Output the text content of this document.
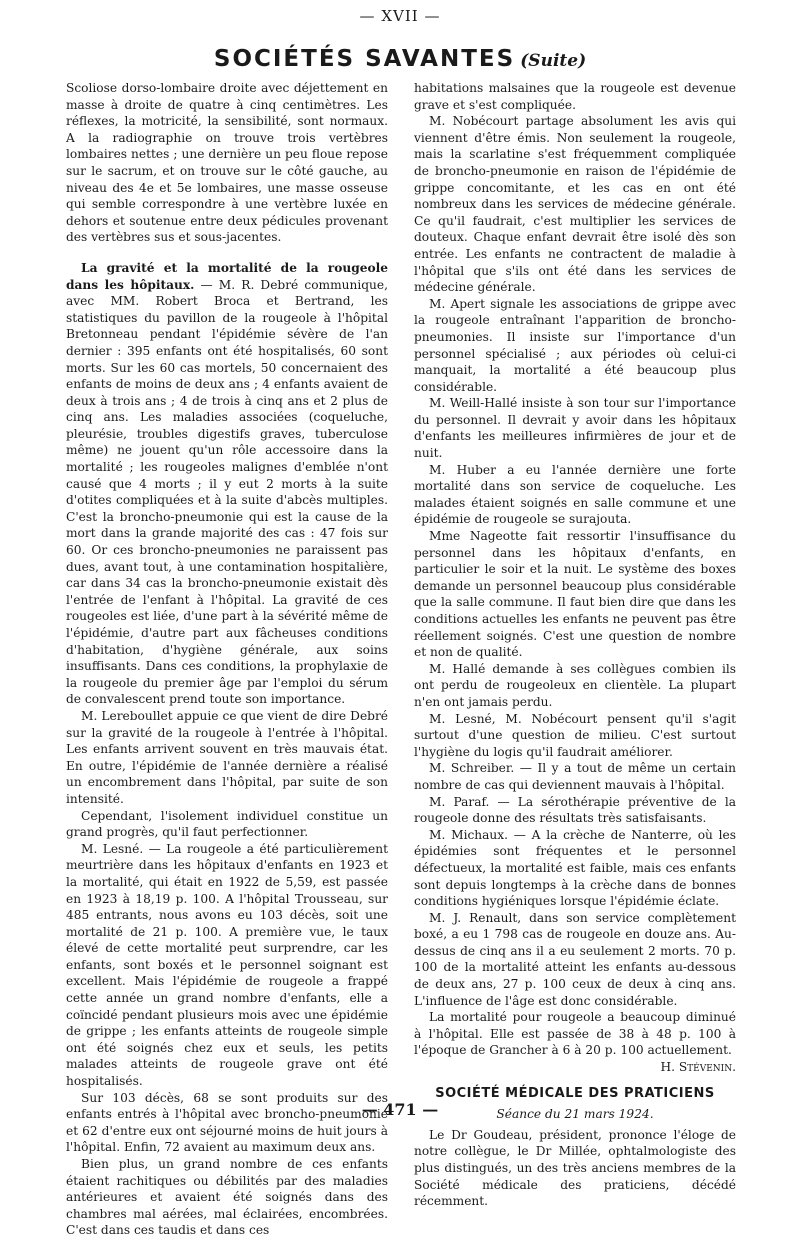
— XVII —
SOCIÉTÉS SAVANTES (Suite)

Scoliose dorso-lombaire droite avec déjettement en masse à droite de quatre à cinq centimètres. Les réflexes, la motricité, la sensibilité, sont normaux. A la radiographie on trouve trois vertèbres lombaires nettes ; une dernière un peu floue repose sur le sacrum, et on trouve sur le côté gauche, au niveau des 4e et 5e lombaires, une masse osseuse qui semble correspondre à une vertèbre luxée en dehors et soutenue entre deux pédicules provenant des vertèbres sus et sous-jacentes.

La gravité et la mortalité de la rougeole dans les hôpitaux. — M. R. Debré communique, avec MM. Robert Broca et Bertrand, les statistiques du pavillon de la rougeole à l'hôpital Bretonneau pendant l'épidémie sévère de l'an dernier : 395 enfants ont été hospitalisés, 60 sont morts. Sur les 60 cas mortels, 50 concernaient des enfants de moins de deux ans ; 4 enfants avaient de deux à trois ans ; 4 de trois à cinq ans et 2 plus de cinq ans. Les maladies associées (coqueluche, pleurésie, troubles digestifs graves, tuberculose même) ne jouent qu'un rôle accessoire dans la mortalité ; les rougeoles malignes d'emblée n'ont causé que 4 morts ; il y eut 2 morts à la suite d'otites compliquées et à la suite d'abcès multiples. C'est la broncho-pneumonie qui est la cause de la mort dans la grande majorité des cas : 47 fois sur 60. Or ces broncho-pneumonies ne paraissent pas dues, avant tout, à une contamination hospitalière, car dans 34 cas la broncho-pneumonie existait dès l'entrée de l'enfant à l'hôpital. La gravité de ces rougeoles est liée, d'une part à la sévérité même de l'épidémie, d'autre part aux fâcheuses conditions d'habitation, d'hygiène générale, aux soins insuffisants. Dans ces conditions, la prophylaxie de la rougeole du premier âge par l'emploi du sérum de convalescent prend toute son importance.

M. Lereboullet appuie ce que vient de dire Debré sur la gravité de la rougeole à l'entrée à l'hôpital. Les enfants arrivent souvent en très mauvais état. En outre, l'épidémie de l'année dernière a réalisé un encombrement dans l'hôpital, par suite de son intensité.

Cependant, l'isolement individuel constitue un grand progrès, qu'il faut perfectionner.

M. Lesné. — La rougeole a été particulièrement meurtrière dans les hôpitaux d'enfants en 1923 et la mortalité, qui était en 1922 de 5,59, est passée en 1923 à 18,19 p. 100. A l'hôpital Trousseau, sur 485 entrants, nous avons eu 103 décès, soit une mortalité de 21 p. 100. A première vue, le taux élevé de cette mortalité peut surprendre, car les enfants, sont boxés et le personnel soignant est excellent. Mais l'épidémie de rougeole a frappé cette année un grand nombre d'enfants, elle a coïncidé pendant plusieurs mois avec une épidémie de grippe ; les enfants atteints de rougeole simple ont été soignés chez eux et seuls, les petits malades atteints de rougeole grave ont été hospitalisés.

Sur 103 décès, 68 se sont produits sur des enfants entrés à l'hôpital avec broncho-pneumonie et 62 d'entre eux ont séjourné moins de huit jours à l'hôpital. Enfin, 72 avaient au maximum deux ans.

Bien plus, un grand nombre de ces enfants étaient rachitiques ou débilités par des maladies antérieures et avaient été soignés dans des chambres mal aérées, mal éclairées, encombrées. C'est dans ces taudis et dans ces

habitations malsaines que la rougeole est devenue grave et s'est compliquée.

M. Nobécourt partage absolument les avis qui viennent d'être émis. Non seulement la rougeole, mais la scarlatine s'est fréquemment compliquée de broncho-pneumonie en raison de l'épidémie de grippe concomitante, et les cas en ont été nombreux dans les services de médecine générale. Ce qu'il faudrait, c'est multiplier les services de douteux. Chaque enfant devrait être isolé dès son entrée. Les enfants ne contractent de maladie à l'hôpital que s'ils ont été dans les services de médecine générale.

M. Apert signale les associations de grippe avec la rougeole entraînant l'apparition de broncho-pneumonies. Il insiste sur l'importance d'un personnel spécialisé ; aux périodes où celui-ci manquait, la mortalité a été beaucoup plus considérable.

M. Weill-Hallé insiste à son tour sur l'importance du personnel. Il devrait y avoir dans les hôpitaux d'enfants les meilleures infirmières de jour et de nuit.

M. Huber a eu l'année dernière une forte mortalité dans son service de coqueluche. Les malades étaient soignés en salle commune et une épidémie de rougeole se surajouta.

Mme Nageotte fait ressortir l'insuffisance du personnel dans les hôpitaux d'enfants, en particulier le soir et la nuit. Le système des boxes demande un personnel beaucoup plus considérable que la salle commune. Il faut bien dire que dans les conditions actuelles les enfants ne peuvent pas être réellement soignés. C'est une question de nombre et non de qualité.

M. Hallé demande à ses collègues combien ils ont perdu de rougeoleux en clientèle. La plupart n'en ont jamais perdu.

M. Lesné, M. Nobécourt pensent qu'il s'agit surtout d'une question de milieu. C'est surtout l'hygiène du logis qu'il faudrait améliorer.

M. Schreiber. — Il y a tout de même un certain nombre de cas qui deviennent mauvais à l'hôpital.

M. Paraf. — La sérothérapie préventive de la rougeole donne des résultats très satisfaisants.

M. Michaux. — A la crèche de Nanterre, où les épidémies sont fréquentes et le personnel défectueux, la mortalité est faible, mais ces enfants sont depuis longtemps à la crèche dans de bonnes conditions hygiéniques lorsque l'épidémie éclate.

M. J. Renault, dans son service complètement boxé, a eu 1 798 cas de rougeole en douze ans. Au-dessus de cinq ans il a eu seulement 2 morts. 70 p. 100 de la mortalité atteint les enfants au-dessous de deux ans, 27 p. 100 ceux de deux à cinq ans. L'influence de l'âge est donc considérable.

La mortalité pour rougeole a beaucoup diminué à l'hôpital. Elle est passée de 38 à 48 p. 100 à l'époque de Grancher à 6 à 20 p. 100 actuellement.

H. Stévenin.

SOCIÉTÉ MÉDICALE DES PRATICIENS
Séance du 21 mars 1924.

Le Dr Goudeau, président, prononce l'éloge de notre collègue, le Dr Millée, ophtalmologiste des plus distingués, un des très anciens membres de la Société médicale des praticiens, décédé récemment.

— 471 —
